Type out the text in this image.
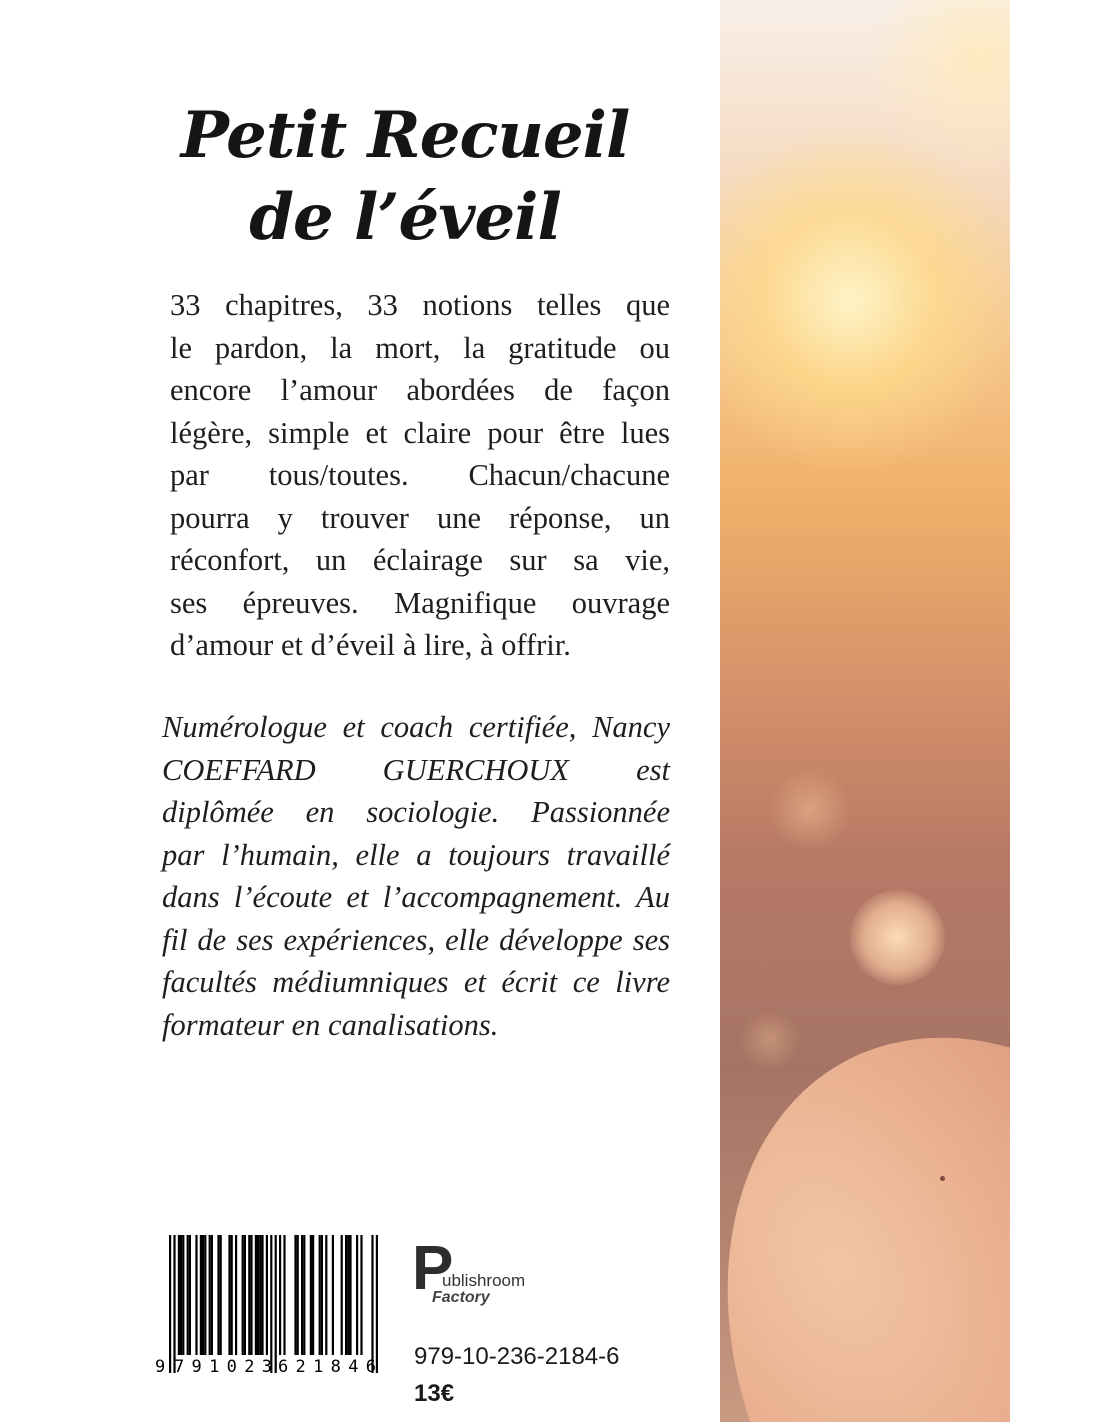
Petit Recueil
de l’éveil
33 chapitres, 33 notions telles que
le pardon, la mort, la gratitude ou
encore l’amour abordées de façon
légère, simple et claire pour être lues
par tous/toutes. Chacun/chacune
pourra y trouver une réponse, un
réconfort, un éclairage sur sa vie,
ses épreuves. Magnifique ouvrage
d’amour et d’éveil à lire, à offrir.
Numérologue et coach certifiée, Nancy
COEFFARD GUERCHOUX est
diplômée en sociologie. Passionnée
par l’humain, elle a toujours travaillé
dans l’écoute et l’accompagnement. Au
fil de ses expériences, elle développe ses
facultés médiumniques et écrit ce livre
formateur en canalisations.
9 791023 621846
P
ublishroom
Factory
979-10-236-2184-6
13€
